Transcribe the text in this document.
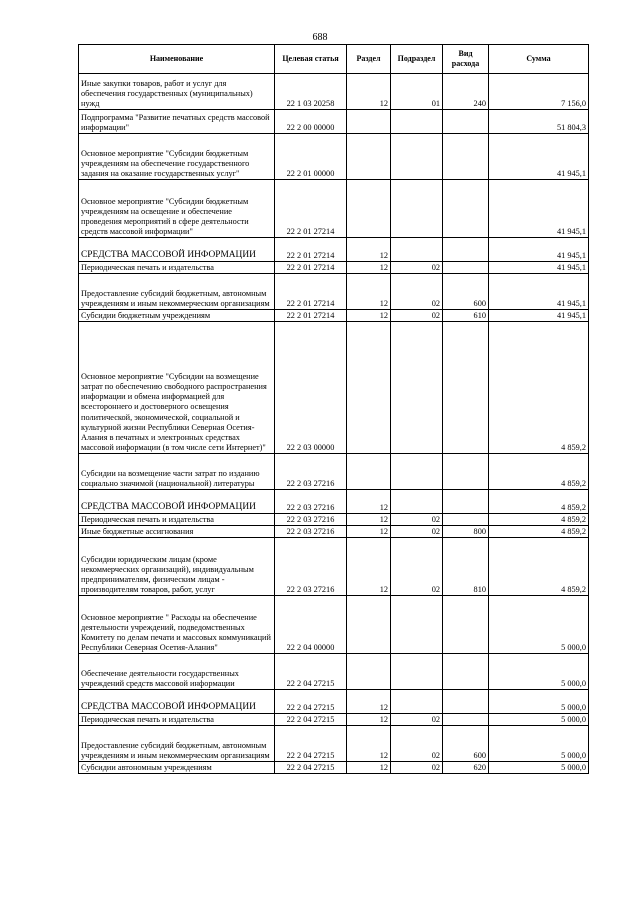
688
Наименование	Целевая статья	Раздел	Подраздел	Вид расхода	Сумма
Иные закупки товаров, работ и услуг для обеспечения государственных (муниципальных) нужд	22 1 03 20258	12	01	240	7 156,0
Подпрограмма "Развитие печатных средств массовой информации"	22 2 00 00000				51 804,3
Основное мероприятие "Субсидии бюджетным учреждениям на обеспечение государственного задания на оказание государственных услуг"	22 2 01 00000				41 945,1
Основное мероприятие "Субсидии бюджетным учреждениям на освещение и обеспечение проведения мероприятий в сфере деятельности средств массовой информации"	22 2 01 27214				41 945,1
СРЕДСТВА МАССОВОЙ ИНФОРМАЦИИ	22 2 01 27214	12			41 945,1
Периодическая печать и издательства	22 2 01 27214	12	02		41 945,1
Предоставление субсидий бюджетным, автономным учреждениям и иным некоммерческим организациям	22 2 01 27214	12	02	600	41 945,1
Субсидии бюджетным учреждениям	22 2 01 27214	12	02	610	41 945,1
Основное мероприятие "Субсидии на возмещение затрат по обеспечению свободного распространения информации и обмена информацией для всестороннего и достоверного освещения политической, экономической, социальной и культурной жизни Республики Северная Осетия-Алания в печатных и электронных средствах массовой информации (в том числе сети Интернет)"	22 2 03 00000				4 859,2
Субсидии на возмещение части затрат по изданию социально значимой (национальной) литературы	22 2 03 27216				4 859,2
СРЕДСТВА МАССОВОЙ ИНФОРМАЦИИ	22 2 03 27216	12			4 859,2
Периодическая печать и издательства	22 2 03 27216	12	02		4 859,2
Иные бюджетные ассигнования	22 2 03 27216	12	02	800	4 859,2
Субсидии юридическим лицам (кроме некоммерческих организаций), индивидуальным предпринимателям, физическим лицам - производителям товаров, работ, услуг	22 2 03 27216	12	02	810	4 859,2
Основное мероприятие " Расходы на обеспечение деятельности учреждений, подведомственных Комитету по делам печати и массовых коммуникаций Республики Северная Осетия-Алания"	22 2 04 00000				5 000,0
Обеспечение деятельности государственных учреждений средств массовой информации	22 2 04 27215				5 000,0
СРЕДСТВА МАССОВОЙ ИНФОРМАЦИИ	22 2 04 27215	12			5 000,0
Периодическая печать и издательства	22 2 04 27215	12	02		5 000,0
Предоставление субсидий бюджетным, автономным учреждениям и иным некоммерческим организациям	22 2 04 27215	12	02	600	5 000,0
Субсидии автономным учреждениям	22 2 04 27215	12	02	620	5 000,0
